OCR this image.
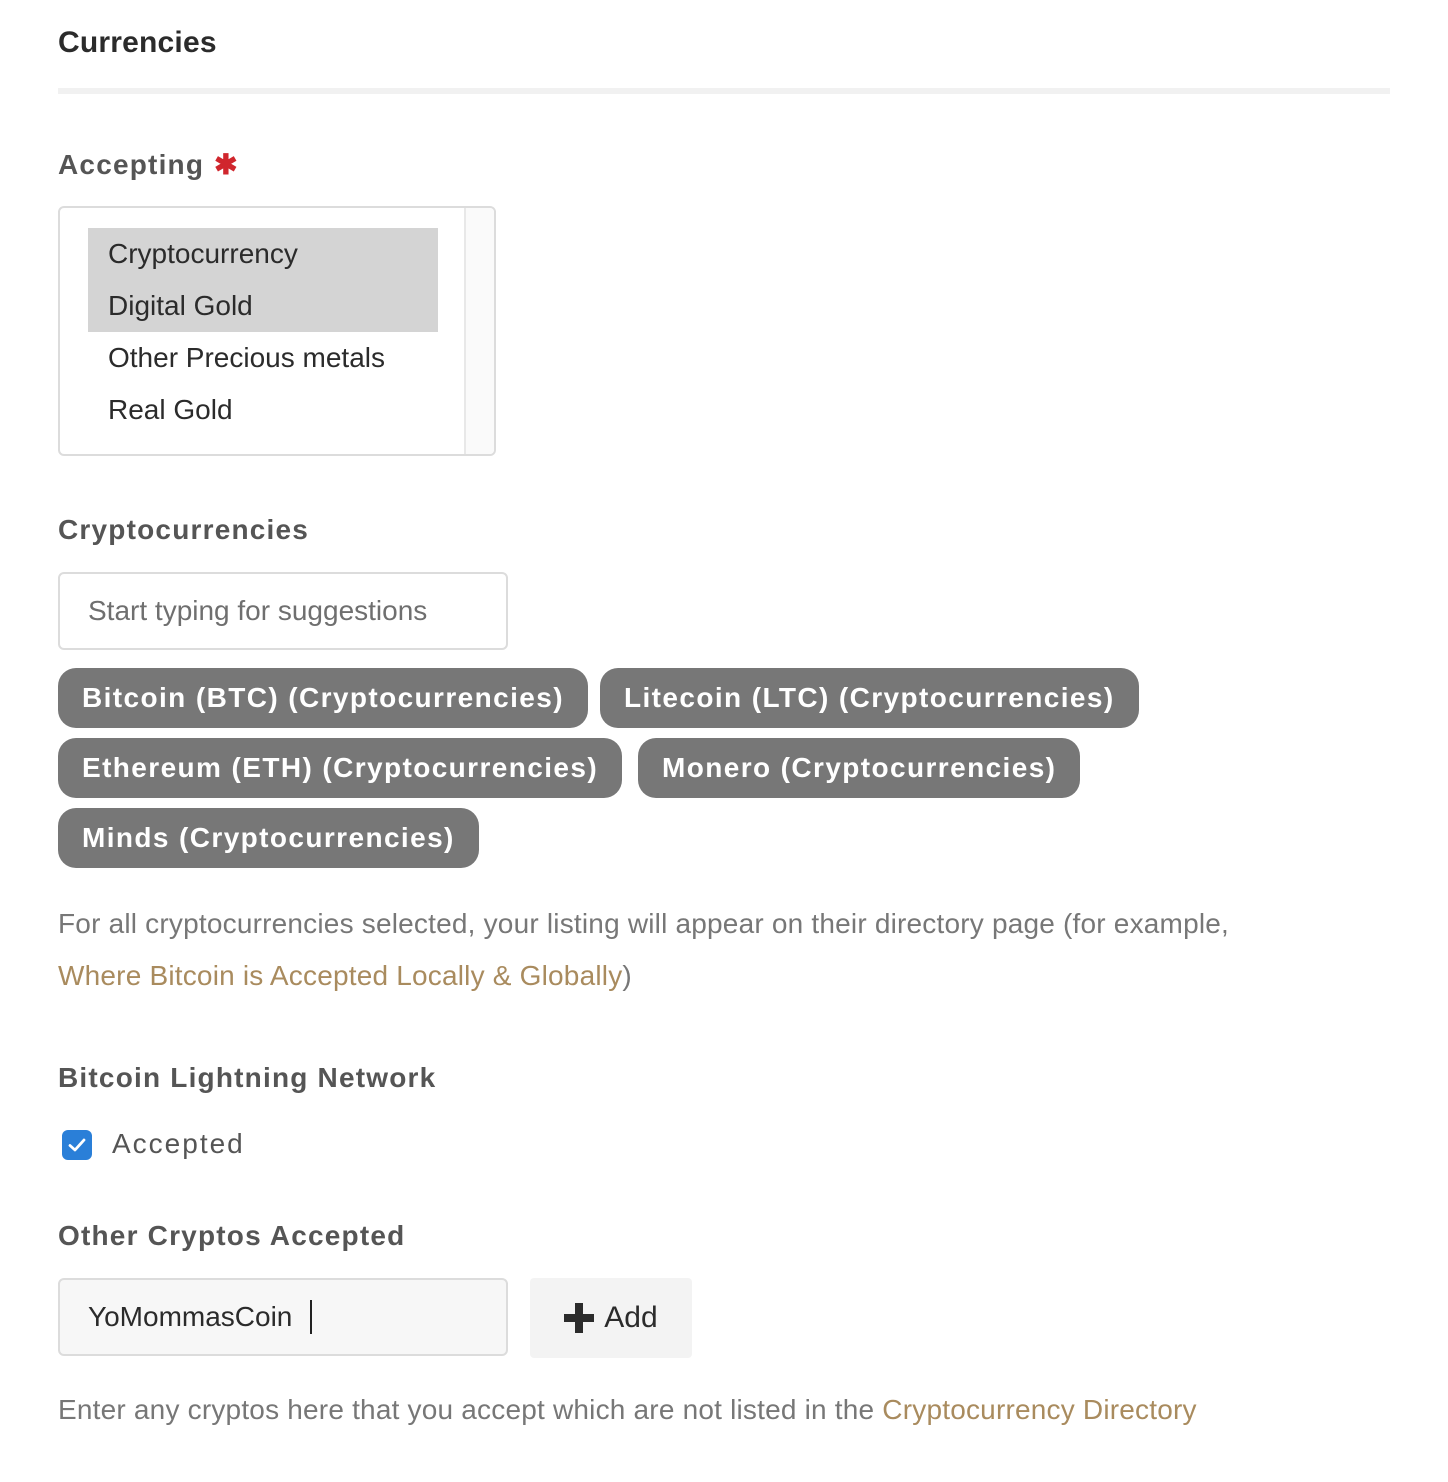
Currencies
Accepting ✱
Cryptocurrency
Digital Gold
Other Precious metals
Real Gold
Cryptocurrencies
Start typing for suggestions
Bitcoin (BTC) (Cryptocurrencies)	Litecoin (LTC) (Cryptocurrencies)
Ethereum (ETH) (Cryptocurrencies)	Monero (Cryptocurrencies)
Minds (Cryptocurrencies)
For all cryptocurrencies selected, your listing will appear on their directory page (for example,
Where Bitcoin is Accepted Locally & Globally)
Bitcoin Lightning Network
Accepted
Other Cryptos Accepted
YoMommasCoin
Add
Enter any cryptos here that you accept which are not listed in the Cryptocurrency Directory
